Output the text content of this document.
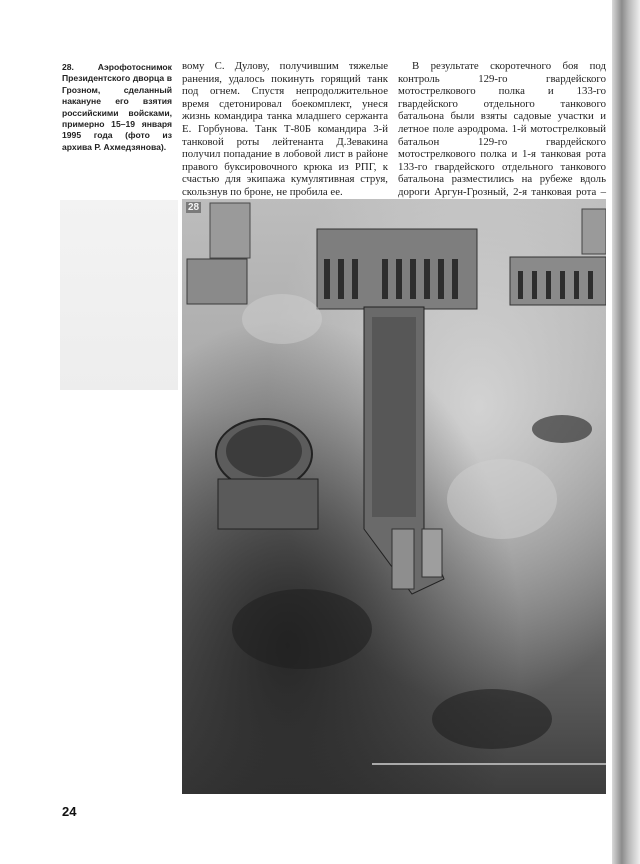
28. Аэрофотоснимок Президентского дворца в Грозном, сделанный накануне его взятия российскими войсками, примерно 15–19 января 1995 года (фото из архива Р. Ахмедзянова).
вому С. Дулову, получившим тяжелые ранения, удалось покинуть горящий танк под огнем. Спустя непродолжительное время сдетонировал боекомплект, унеся жизнь командира танка младшего сержанта Е. Горбунова. Танк Т-80Б командира 3-й танковой роты лейтенанта Д.Зевакина получил попадание в лобовой лист в районе правого буксировочного крюка из РПГ, к счастью для экипажа кумулятивная струя, скользнув по броне, не пробила ее.
В результате скоротечного боя под контроль 129-го гвардейского мотострелкового полка и 133-го гвардейского отдельного танкового батальона были взяты садовые участки и летное поле аэродрома. 1-й мотострелковый батальон 129-го гвардейского мотострелкового полка и 1-я танковая рота 133-го гвардейского отдельного танкового батальона разместились на рубеже вдоль дороги Аргун-Грозный, 2-я танковая рота –
28
24
